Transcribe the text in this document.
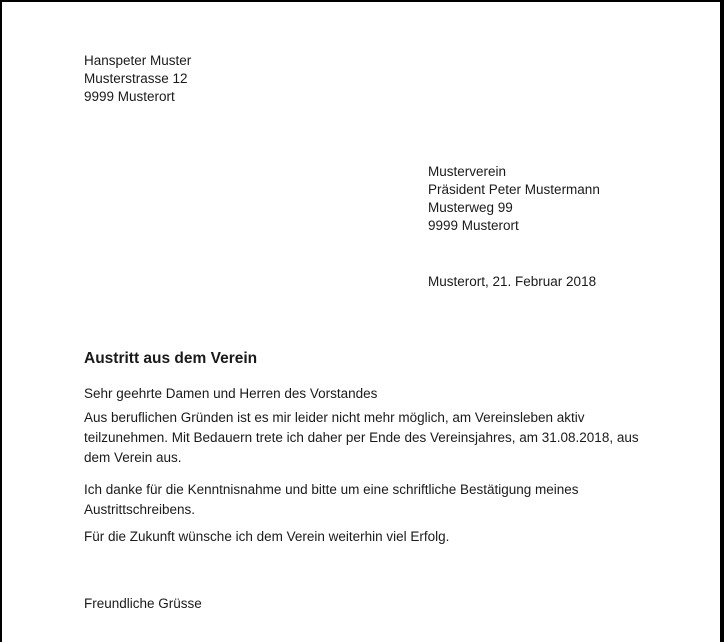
Hanspeter Muster
Musterstrasse 12
9999 Musterort
Musterverein
Präsident Peter Mustermann
Musterweg 99
9999 Musterort
Musterort, 21. Februar 2018
Austritt aus dem Verein
Sehr geehrte Damen und Herren des Vorstandes
Aus beruflichen Gründen ist es mir leider nicht mehr möglich, am Vereinsleben aktiv
teilzunehmen. Mit Bedauern trete ich daher per Ende des Vereinsjahres, am 31.08.2018, aus
dem Verein aus.
Ich danke für die Kenntnisnahme und bitte um eine schriftliche Bestätigung meines
Austrittschreibens.
Für die Zukunft wünsche ich dem Verein weiterhin viel Erfolg.
Freundliche Grüsse
